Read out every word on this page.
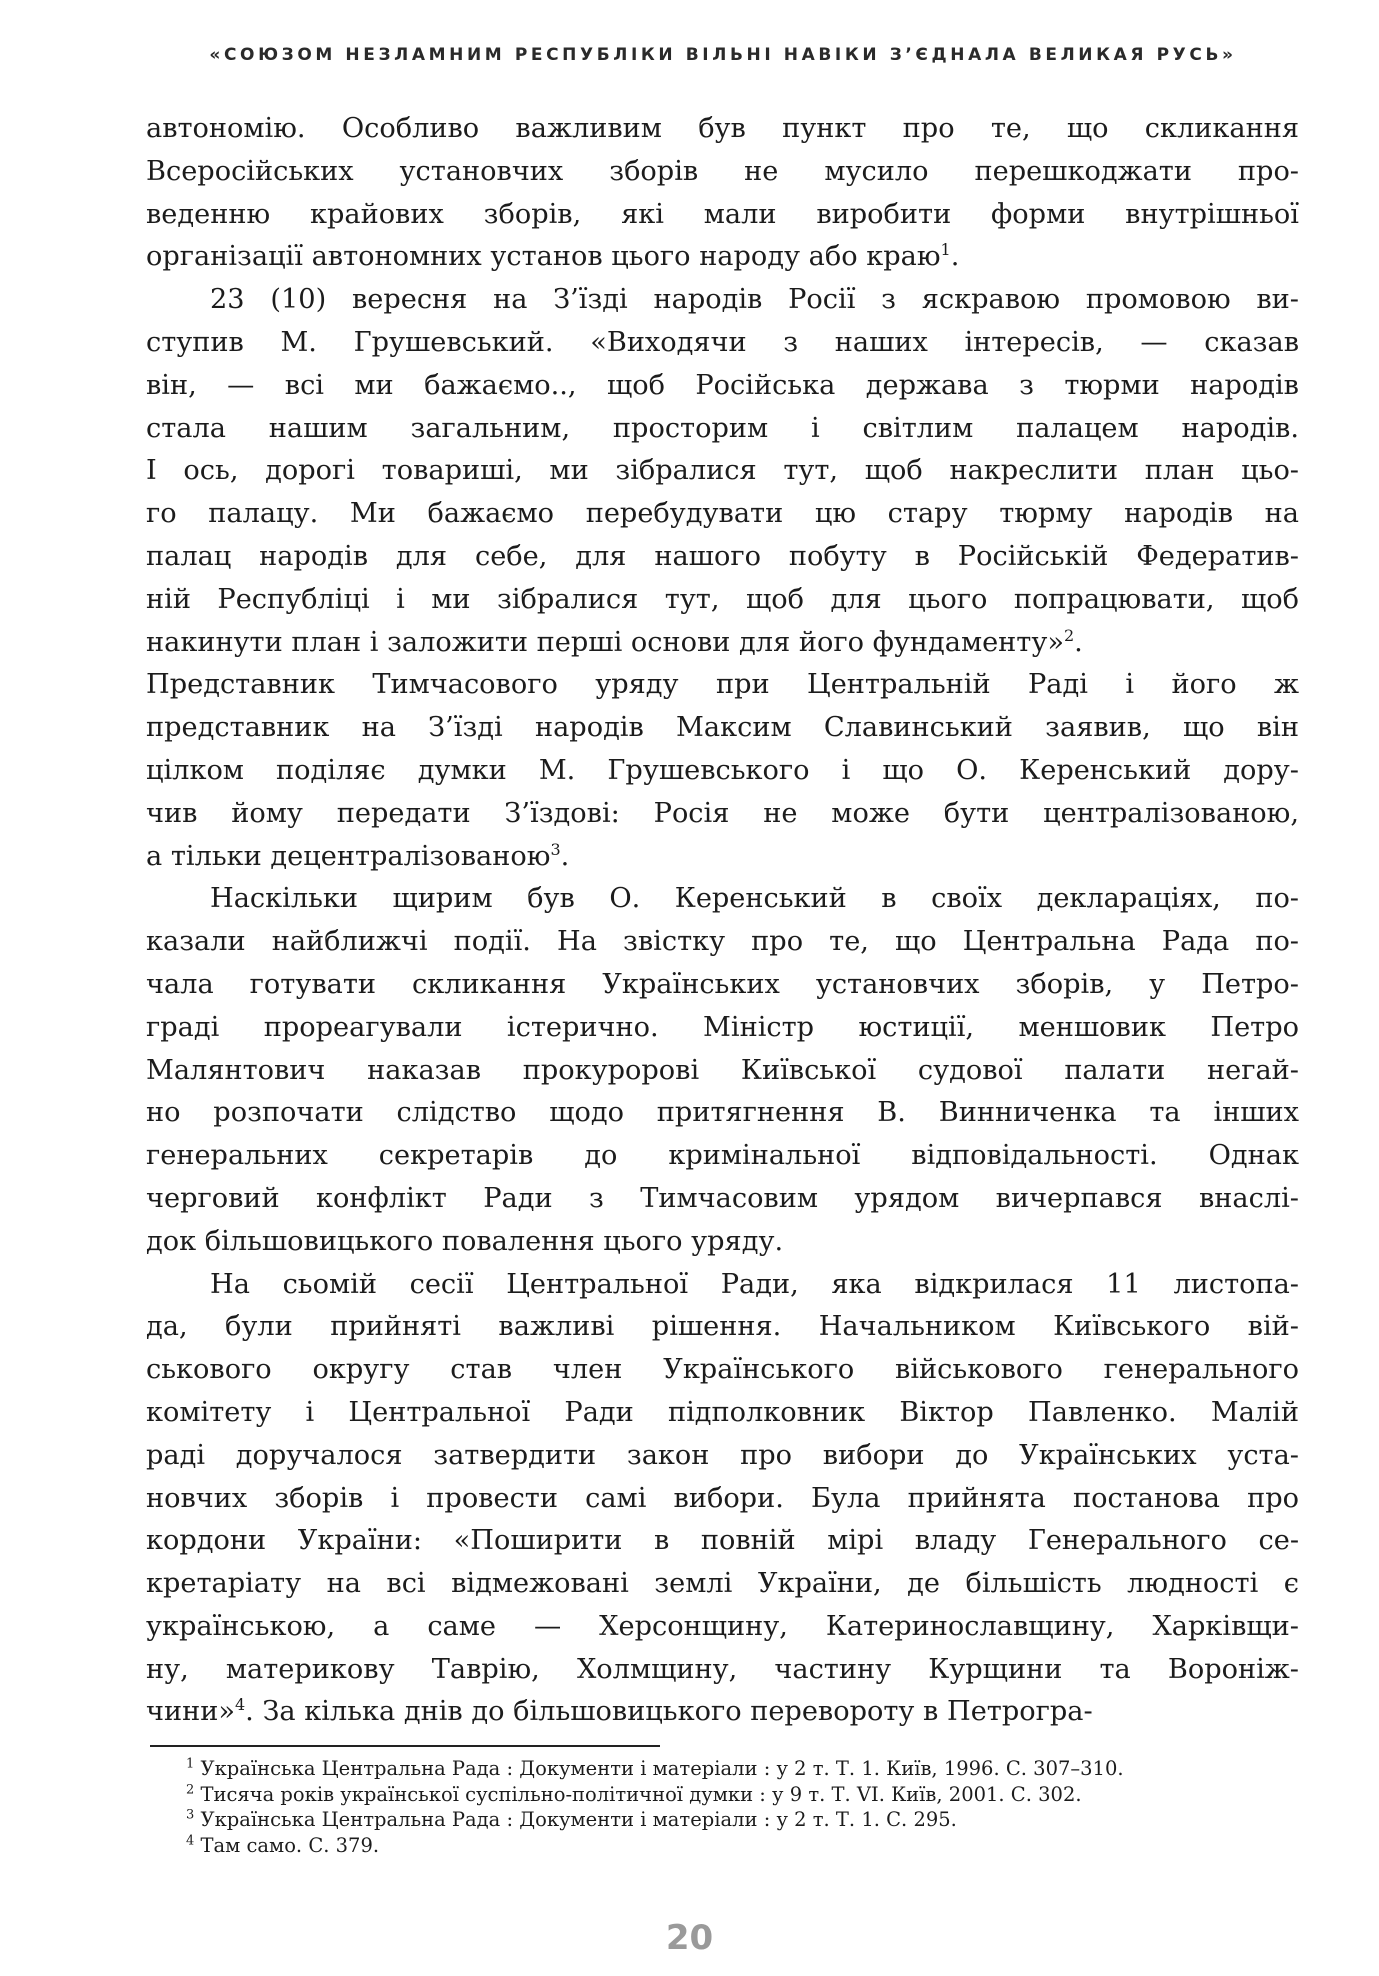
«СОЮЗОМ НЕЗЛАМНИМ РЕСПУБЛІКИ ВІЛЬНІ НАВІКИ З’ЄДНАЛА ВЕЛИКАЯ РУСЬ»

автономію. Особливо важливим був пункт про те, що скликання
Всеросійських установчих зборів не мусило перешкоджати про-
веденню крайових зборів, які мали виробити форми внутрішньої
організації автономних установ цього народу або краю$^1$.

23 (10) вересня на З’їзді народів Росії з яскравою промовою ви-
ступив М. Грушевський. «Виходячи з наших інтересів, — сказав
він, — всі ми бажаємо.., щоб Російська держава з тюрми народів
стала нашим загальним, просторим і світлим палацем народів.
І ось, дорогі товариші, ми зібралися тут, щоб накреслити план цьо-
го палацу. Ми бажаємо перебудувати цю стару тюрму народів на
палац народів для себе, для нашого побуту в Російській Федератив-
ній Республіці і ми зібралися тут, щоб для цього попрацювати, щоб
накинути план і заложити перші основи для його фундаменту»$^2$.
Представник Тимчасового уряду при Центральній Раді і його ж
представник на З’їзді народів Максим Славинський заявив, що він
цілком поділяє думки М. Грушевського і що О. Керенський дору-
чив йому передати З’їздові: Росія не може бути централізованою,
а тільки децентралізованою$^3$.

Наскільки щирим був О. Керенський в своїх деклараціях, по-
казали найближчі події. На звістку про те, що Центральна Рада по-
чала готувати скликання Українських установчих зборів, у Петро-
граді прореагували істерично. Міністр юстиції, меншовик Петро
Малянтович наказав прокуророві Київської судової палати негай-
но розпочати слідство щодо притягнення В. Винниченка та інших
генеральних секретарів до кримінальної відповідальності. Однак
черговий конфлікт Ради з Тимчасовим урядом вичерпався внаслі-
док більшовицького повалення цього уряду.

На сьомій сесії Центральної Ради, яка відкрилася 11 листопа-
да, були прийняті важливі рішення. Начальником Київського вій-
ськового округу став член Українського військового генерального
комітету і Центральної Ради підполковник Віктор Павленко. Малій
раді доручалося затвердити закон про вибори до Українських уста-
новчих зборів і провести самі вибори. Була прийнята постанова про
кордони України: «Поширити в повній мірі владу Генерального се-
кретаріату на всі відмежовані землі України, де більшість людності є
українською, а саме — Херсонщину, Катеринославщину, Харківщи-
ну, материкову Таврію, Холмщину, частину Курщини та Вороніж-
чини»$^4$. За кілька днів до більшовицького перевороту в Петрогра-

$^1$ Українська Центральна Рада : Документи і матеріали : у 2 т. Т. 1. Київ, 1996. С. 307–310.
$^2$ Тисяча років української суспільно-політичної думки : у 9 т. Т. VI. Київ, 2001. С. 302.
$^3$ Українська Центральна Рада : Документи і матеріали : у 2 т. Т. 1. С. 295.
$^4$ Там само. С. 379.
20
